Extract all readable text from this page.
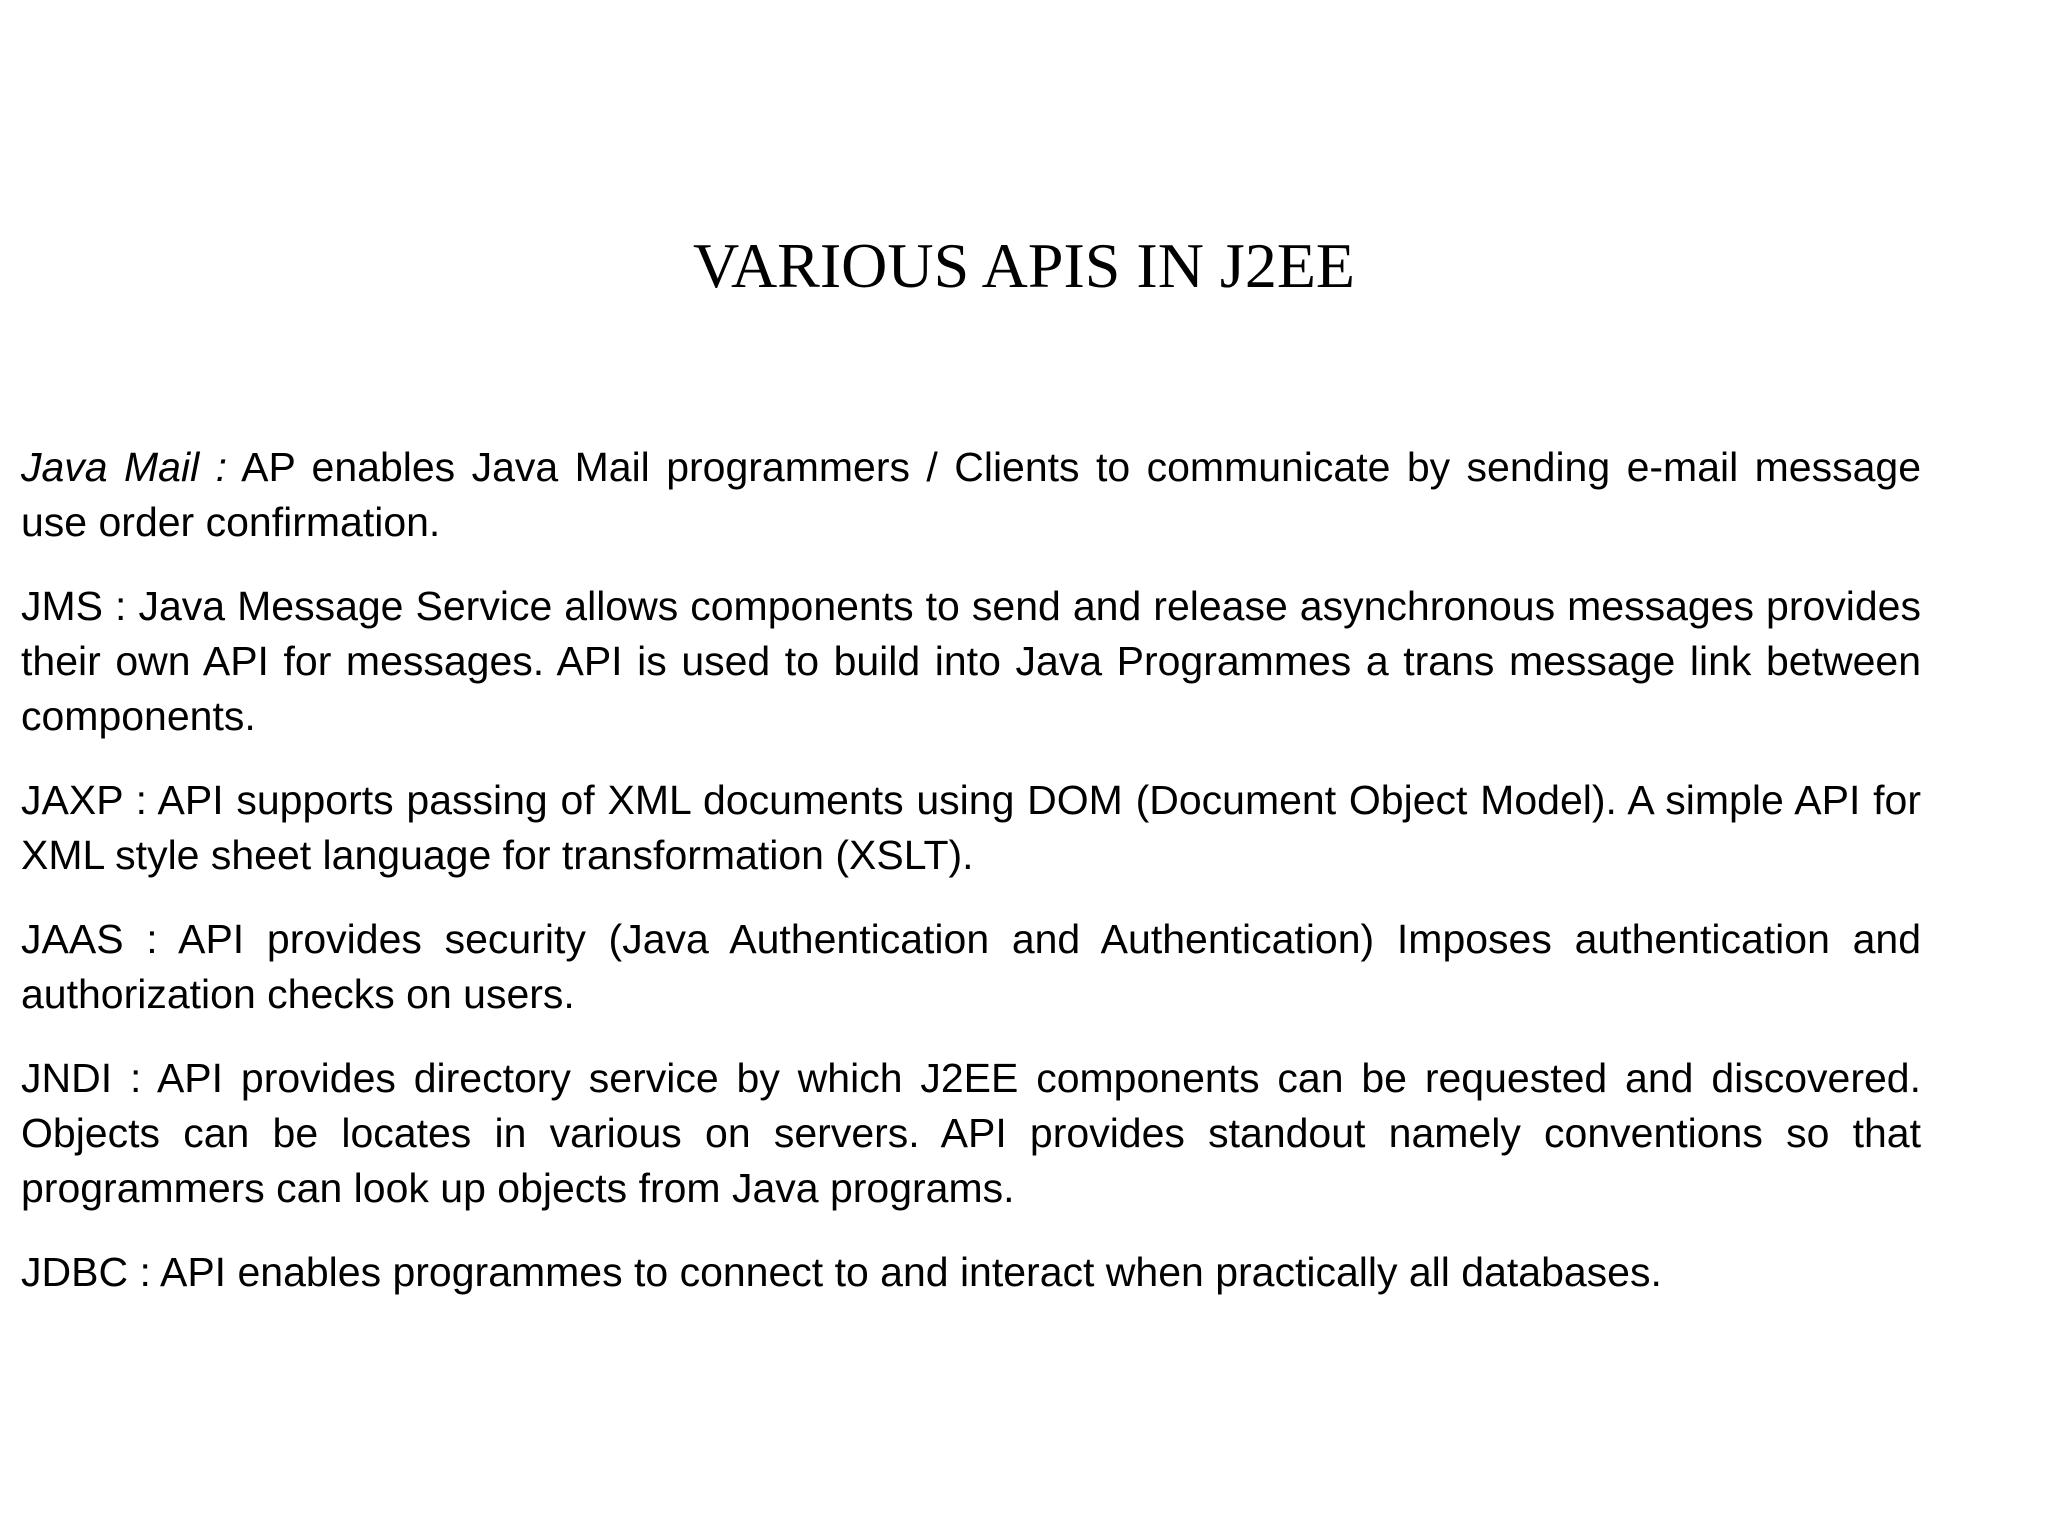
VARIOUS APIS IN J2EE

Java Mail : AP enables Java Mail programmers / Clients to communicate by sending e-mail message use order confirmation.

JMS : Java Message Service allows components to send and release asynchronous messages provides their own API for messages. API is used to build into Java Programmes a trans message link between components.

JAXP : API supports passing of XML documents using DOM (Document Object Model). A simple API for XML style sheet language for transformation (XSLT).

JAAS : API provides security (Java Authentication and Authentication) Imposes authentication and authorization checks on users.

JNDI : API provides directory service by which J2EE components can be requested and discovered. Objects can be locates in various on servers. API provides standout namely conventions so that programmers can look up objects from Java programs.

JDBC : API enables programmes to connect to and interact when practically all databases.
